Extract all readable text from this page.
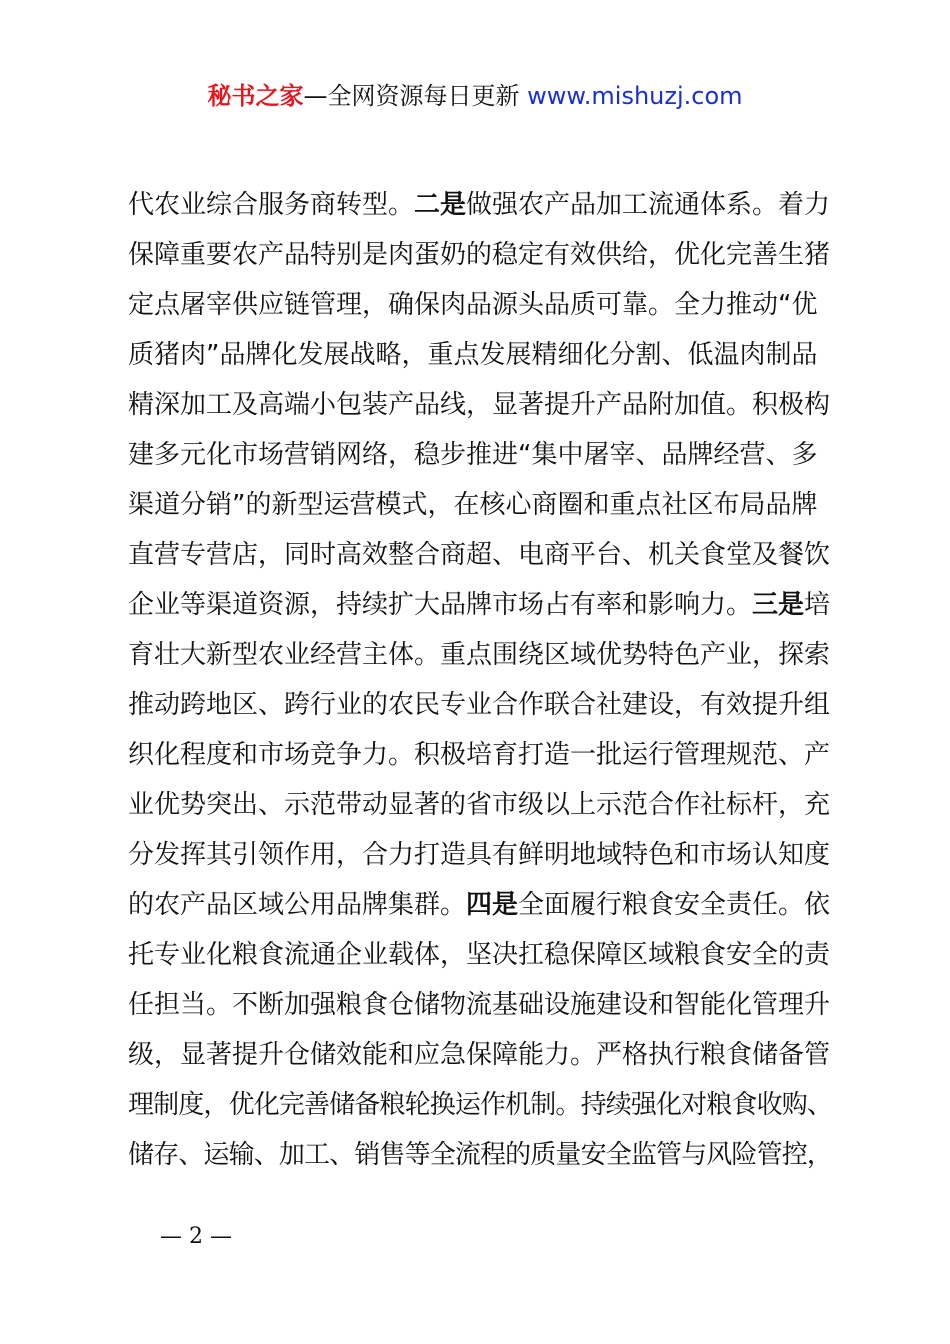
秘书之家—全网资源每日更新 www.mishuzj.com
代农业综合服务商转型。二是做强农产品加工流通体系。着力
保障重要农产品特别是肉蛋奶的稳定有效供给，优化完善生猪
定点屠宰供应链管理，确保肉品源头品质可靠。全力推动“优
质猪肉”品牌化发展战略，重点发展精细化分割、低温肉制品
精深加工及高端小包装产品线，显著提升产品附加值。积极构
建多元化市场营销网络，稳步推进“集中屠宰、品牌经营、多
渠道分销”的新型运营模式，在核心商圈和重点社区布局品牌
直营专营店，同时高效整合商超、电商平台、机关食堂及餐饮
企业等渠道资源，持续扩大品牌市场占有率和影响力。三是培
育壮大新型农业经营主体。重点围绕区域优势特色产业，探索
推动跨地区、跨行业的农民专业合作联合社建设，有效提升组
织化程度和市场竞争力。积极培育打造一批运行管理规范、产
业优势突出、示范带动显著的省市级以上示范合作社标杆，充
分发挥其引领作用，合力打造具有鲜明地域特色和市场认知度
的农产品区域公用品牌集群。四是全面履行粮食安全责任。依
托专业化粮食流通企业载体，坚决扛稳保障区域粮食安全的责
任担当。不断加强粮食仓储物流基础设施建设和智能化管理升
级，显著提升仓储效能和应急保障能力。严格执行粮食储备管
理制度，优化完善储备粮轮换运作机制。持续强化对粮食收购、
储存、运输、加工、销售等全流程的质量安全监管与风险管控，
— 2 —
